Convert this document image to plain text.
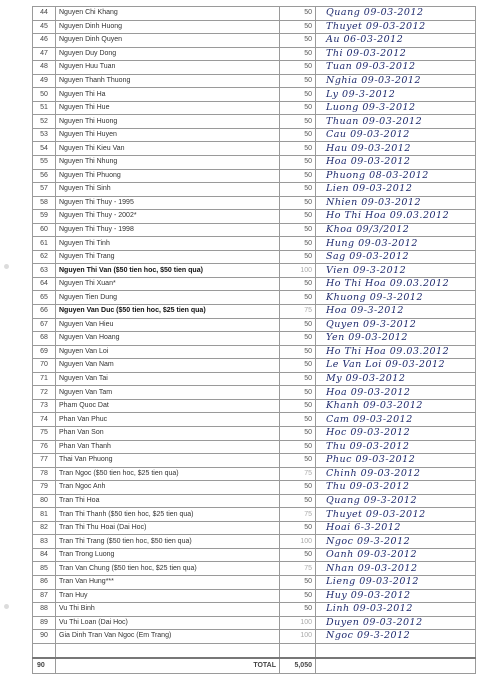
44	Nguyen Chi Khang	50	Quang 09-03-2012
45	Nguyen Dinh Huong	50	Thuyet 09-03-2012
46	Nguyen Dinh Quyen	50	Au 06-03-2012
47	Nguyen Duy Dong	50	Thi 09-03-2012
48	Nguyen Huu Tuan	50	Tuan 09-03-2012
49	Nguyen Thanh Thuong	50	Nghia 09-03-2012
50	Nguyen Thi Ha	50	Ly 09-3-2012
51	Nguyen Thi Hue	50	Luong 09-3-2012
52	Nguyen Thi Huong	50	Thuan 09-03-2012
53	Nguyen Thi Huyen	50	Cau 09-03-2012
54	Nguyen Thi Kieu Van	50	Hau 09-03-2012
55	Nguyen Thi Nhung	50	Hoa 09-03-2012
56	Nguyen Thi Phuong	50	Phuong 08-03-2012
57	Nguyen Thi Sinh	50	Lien 09-03-2012
58	Nguyen Thi Thuy - 1995	50	Nhien 09-03-2012
59	Nguyen Thi Thuy - 2002*	50	Ho Thi Hoa 09.03.2012
60	Nguyen Thi Thuy - 1998	50	Khoa 09/3/2012
61	Nguyen Thi Tinh	50	Hung 09-03-2012
62	Nguyen Thi Trang	50	Sag 09-03-2012
63	Nguyen Thi Van ($50 tien hoc, $50 tien qua)	100	Vien 09-3-2012
64	Nguyen Thi Xuan*	50	Ho Thi Hoa 09.03.2012
65	Nguyen Tien Dung	50	Khuong 09-3-2012
66	Nguyen Van Duc ($50 tien hoc, $25 tien qua)	75	Hoa 09-3-2012
67	Nguyen Van Hieu	50	Quyen 09-3-2012
68	Nguyen Van Hoang	50	Yen 09-03-2012
69	Nguyen Van Loi	50	Ho Thi Hoa 09.03.2012
70	Nguyen Van Nam	50	Le Van Loi 09-03-2012
71	Nguyen Van Tai	50	My 09-03-2012
72	Nguyen Van Tam	50	Hoa 09-03-2012
73	Pham Quoc Dat	50	Khanh 09-03-2012
74	Phan Van Phuc	50	Cam 09-03-2012
75	Phan Van Son	50	Hoc 09-03-2012
76	Phan Van Thanh	50	Thu 09-03-2012
77	Thai Van Phuong	50	Phuc 09-03-2012
78	Tran Ngoc ($50 tien hoc, $25 tien qua)	75	Chinh 09-03-2012
79	Tran Ngoc Anh	50	Thu 09-03-2012
80	Tran Thi Hoa	50	Quang 09-3-2012
81	Tran Thi Thanh ($50 tien hoc, $25 tien qua)	75	Thuyet 09-03-2012
82	Tran Thi Thu Hoai (Dai Hoc)	50	Hoai 6-3-2012
83	Tran Thi Trang ($50 tien hoc, $50 tien qua)	100	Ngoc 09-3-2012
84	Tran Trong Luong	50	Oanh 09-03-2012
85	Tran Van Chung ($50 tien hoc, $25 tien qua)	75	Nhan 09-03-2012
86	Tran Van Hung***	50	Lieng 09-03-2012
87	Tran Huy	50	Huy 09-03-2012
88	Vu Thi Binh	50	Linh 09-03-2012
89	Vu Thi Loan (Dai Hoc)	100	Duyen 09-03-2012
90	Gia Dinh Tran Van Ngoc (Em Trang)	100	Ngoc 09-3-2012

90	TOTAL	5,050	
